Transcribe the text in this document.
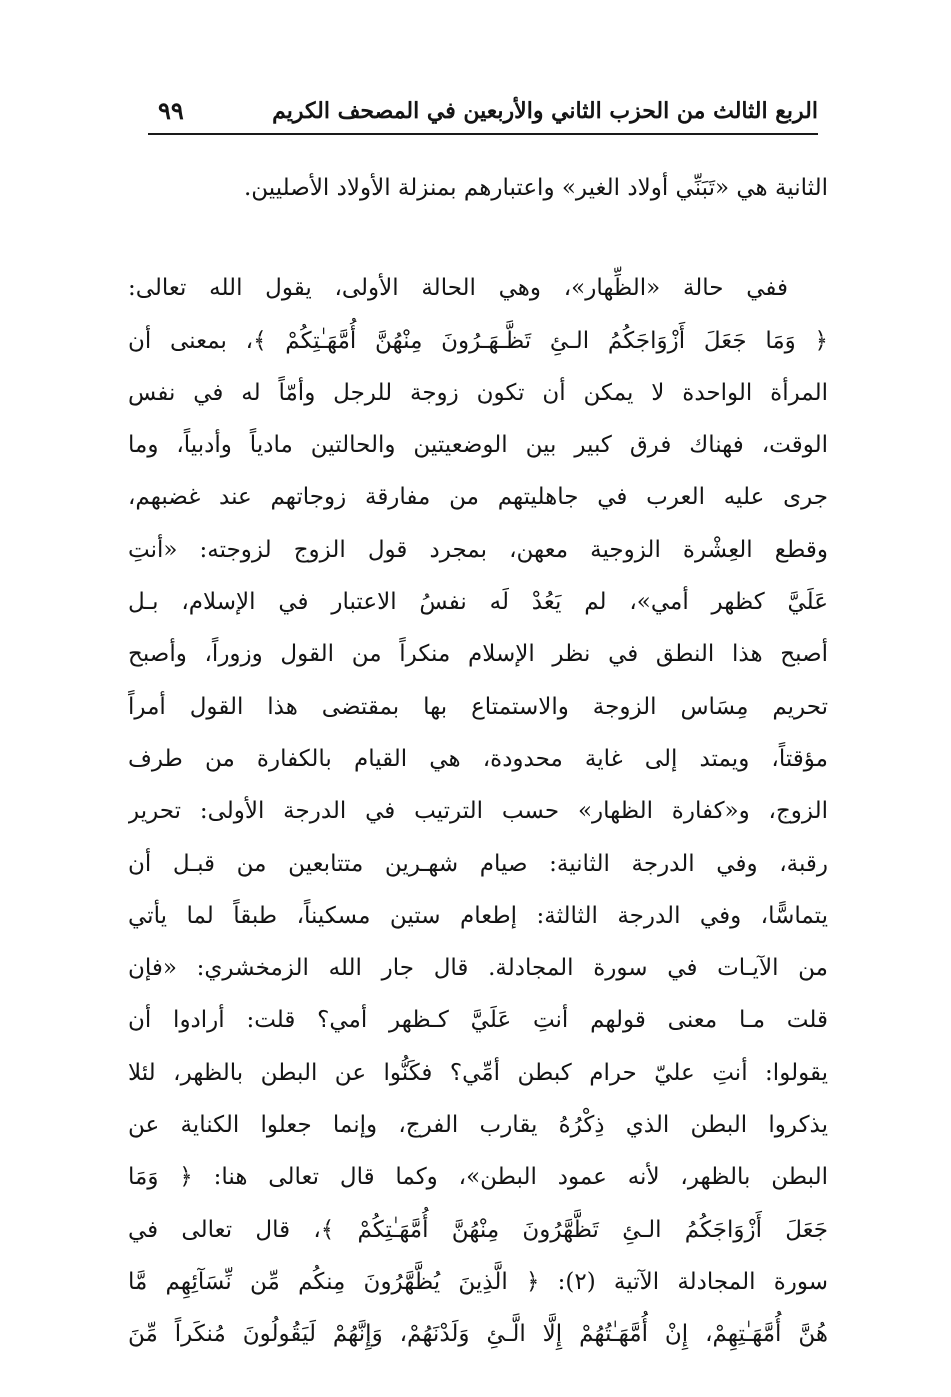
الربع الثالث من الحزب الثاني والأربعين في المصحف الكريم
٩٩
الثانية هي «تَبَنِّي أولاد الغير» واعتبارهم بمنزلة الأولاد الأصليين.
ففي حالة «الظِّهار»، وهي الحالة الأولى، يقول الله تعالى:
﴿ وَمَا جَعَلَ أَزْوَاجَكُمُ الـئِ تَظَّـهَـرُونَ مِنْهُنَّ أُمَّهَـٰتِكُمْ ﴾، بمعنى أن
المرأة الواحدة لا يمكن أن تكون زوجة للرجل وأمّاً له في نفس
الوقت، فهناك فرق كبير بين الوضعيتين والحالتين مادياً وأدبياً، وما
جرى عليه العرب في جاهليتهم من مفارقة زوجاتهم عند غضبهم،
وقطع العِشْرة الزوجية معهن، بمجرد قول الزوج لزوجته: «أنتِ
عَلَيَّ كظهر أمي»، لم يَعُدْ لَه نفسُ الاعتبار في الإسلام، بـل
أصبح هذا النطق في نظر الإسلام منكراً من القول وزوراً، وأصبح
تحريم مِسَاس الزوجة والاستمتاع بها بمقتضى هذا القول أمراً
مؤقتاً، ويمتد إلى غاية محدودة، هي القيام بالكفارة من طرف
الزوج، و«كفارة الظهار» حسب الترتيب في الدرجة الأولى: تحرير
رقبة، وفي الدرجة الثانية: صيام شهـرين متتابعين من قبـل أن
يتماسًّا، وفي الدرجة الثالثة: إطعام ستين مسكيناً، طبقاً لما يأتي
من الآيـات في سورة المجادلة. قال جار الله الزمخشري: «فإن
قلت مـا معنى قولهم أنتِ عَلَيَّ كـظهر أمي؟ قلت: أرادوا أن
يقولوا: أنتِ عليّ حرام كبطن أمِّي؟ فكَنُّوا عن البطن بالظهر، لئلا
يذكروا البطن الذي ذِكْرُهُ يقارب الفرج، وإنما جعلوا الكناية عن
البطن بالظهر، لأنه عمود البطن»، وكما قال تعالى هنا: ﴿ وَمَا
جَعَلَ أَزْوَاجَكُمُ الـئِ تَظَّهَّرُونَ مِنْهُنَّ أُمَّهَـٰتِكُمْ ﴾، قال تعالى في
سورة المجادلة الآتية (٢): ﴿ الَّذِينَ يُظَّهَّرُونَ مِنكُم مِّن نِّسَآئِهِم مَّا
هُنَّ أُمَّهَـٰتِهِمْ، إِنْ أُمَّهَـٰتُهُمْ إِلَّا الَّـئِ وَلَدْنَهُمْ، وَإِنَّهُمْ لَيَقُولُونَ مُنكَراً مِّنَ
